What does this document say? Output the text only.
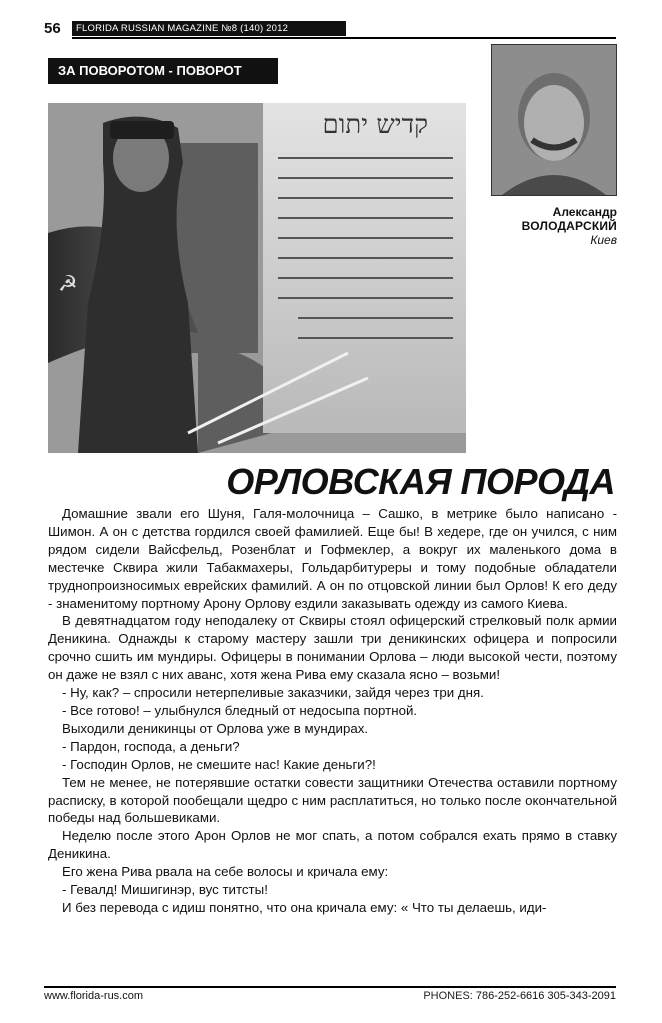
56	FLORIDA RUSSIAN MAGAZINE №8 (140) 2012
ЗА ПОВОРОТОМ - ПОВОРОТ
☭
קדיש יתום
Александр
ВОЛОДАРСКИЙ
Киев
ОРЛОВСКАЯ ПОРОДА

Домашние звали его Шуня, Галя-молочница – Сашко, в метрике было написано - Шимон. А он с детства гордился своей фамилией. Еще бы! В хедере, где он учился, с ним рядом сидели Вайсфельд, Розенблат и Гофмеклер, а вокруг их маленького дома в местечке Сквира жили Табакмахеры, Гольдарбитуреры и тому подобные обладатели труднопроизносимых еврейских фамилий. А он по отцовской линии был Орлов! К его деду - знаменитому портному Арону Орлову ездили заказывать одежду из самого Киева.

В девятнадцатом году неподалеку от Сквиры стоял офицерский стрелковый полк армии Деникина. Однажды к старому мастеру зашли три деникинских офицера и попросили срочно сшить им мундиры. Офицеры в понимании Орлова – люди высокой чести, поэтому он даже не взял с них аванс, хотя жена Рива ему сказала ясно – возьми!

- Ну, как? – спросили нетерпеливые заказчики, зайдя через три дня.

- Все готово! – улыбнулся бледный от недосыпа портной.

Выходили деникинцы от Орлова уже в мундирах.

- Пардон, господа, а деньги?

- Господин Орлов, не смешите нас! Какие деньги?!

Тем не менее, не потерявшие остатки совести защитники Отечества оставили портному расписку, в которой пообещали щедро с ним расплатиться, но только после окончательной победы над большевиками.

Неделю после этого Арон Орлов не мог спать, а потом собрался ехать прямо в ставку Деникина.

Его жена Рива рвала на себе волосы и кричала ему:

- Гевалд! Мишигинэр, вус титсты!

И без перевода с идиш понятно, что она кричала ему: « Что ты делаешь, иди-

www.florida-rus.com	PHONES: 786-252-6616 305-343-2091
